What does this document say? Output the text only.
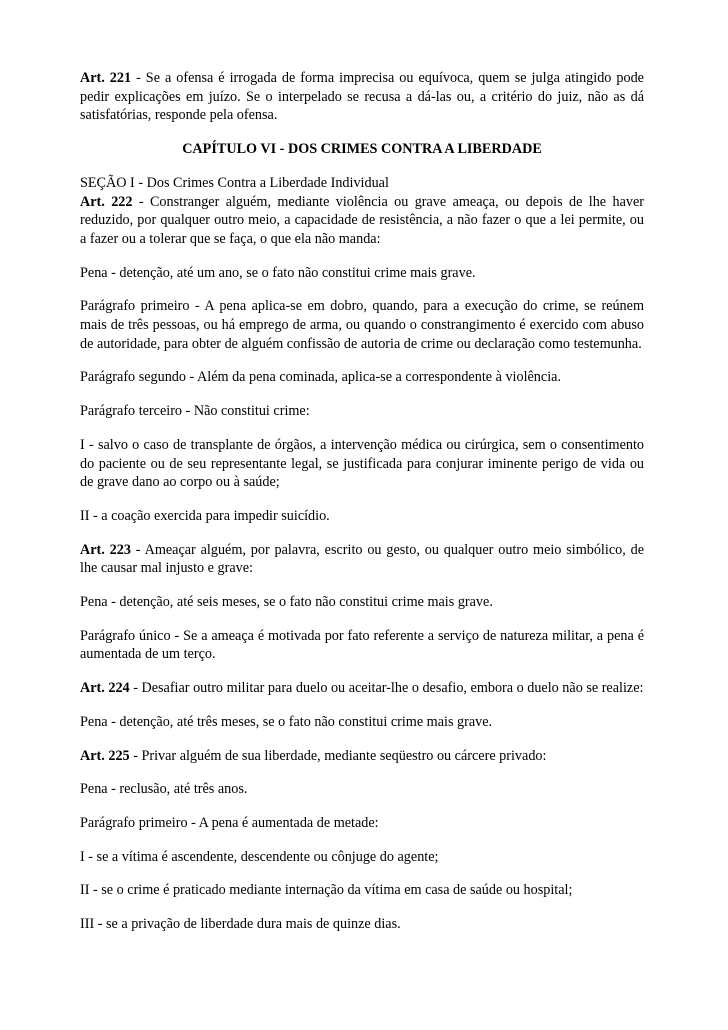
Art. 221 - Se a ofensa é irrogada de forma imprecisa ou equívoca, quem se julga atingido pode pedir explicações em juízo. Se o interpelado se recusa a dá-las ou, a critério do juiz, não as dá satisfatórias, responde pela ofensa.

CAPÍTULO VI - DOS CRIMES CONTRA A LIBERDADE

SEÇÃO I - Dos Crimes Contra a Liberdade Individual

Art. 222 - Constranger alguém, mediante violência ou grave ameaça, ou depois de lhe haver reduzido, por qualquer outro meio, a capacidade de resistência, a não fazer o que a lei permite, ou a fazer ou a tolerar que se faça, o que ela não manda:

Pena - detenção, até um ano, se o fato não constitui crime mais grave.

Parágrafo primeiro - A pena aplica-se em dobro, quando, para a execução do crime, se reúnem mais de três pessoas, ou há emprego de arma, ou quando o constrangimento é exercido com abuso de autoridade, para obter de alguém confissão de autoria de crime ou declaração como testemunha.

Parágrafo segundo - Além da pena cominada, aplica-se a correspondente à violência.

Parágrafo terceiro - Não constitui crime:

I - salvo o caso de transplante de órgãos, a intervenção médica ou cirúrgica, sem o consentimento do paciente ou de seu representante legal, se justificada para conjurar iminente perigo de vida ou de grave dano ao corpo ou à saúde;

II - a coação exercida para impedir suicídio.

Art. 223 - Ameaçar alguém, por palavra, escrito ou gesto, ou qualquer outro meio simbólico, de lhe causar mal injusto e grave:

Pena - detenção, até seis meses, se o fato não constitui crime mais grave.

Parágrafo único - Se a ameaça é motivada por fato referente a serviço de natureza militar, a pena é aumentada de um terço.

Art. 224 - Desafiar outro militar para duelo ou aceitar-lhe o desafio, embora o duelo não se realize:

Pena - detenção, até três meses, se o fato não constitui crime mais grave.

Art. 225 - Privar alguém de sua liberdade, mediante seqüestro ou cárcere privado:

Pena - reclusão, até três anos.

Parágrafo primeiro - A pena é aumentada de metade:

I - se a vítima é ascendente, descendente ou cônjuge do agente;

II - se o crime é praticado mediante internação da vítima em casa de saúde ou hospital;

III - se a privação de liberdade dura mais de quinze dias.
